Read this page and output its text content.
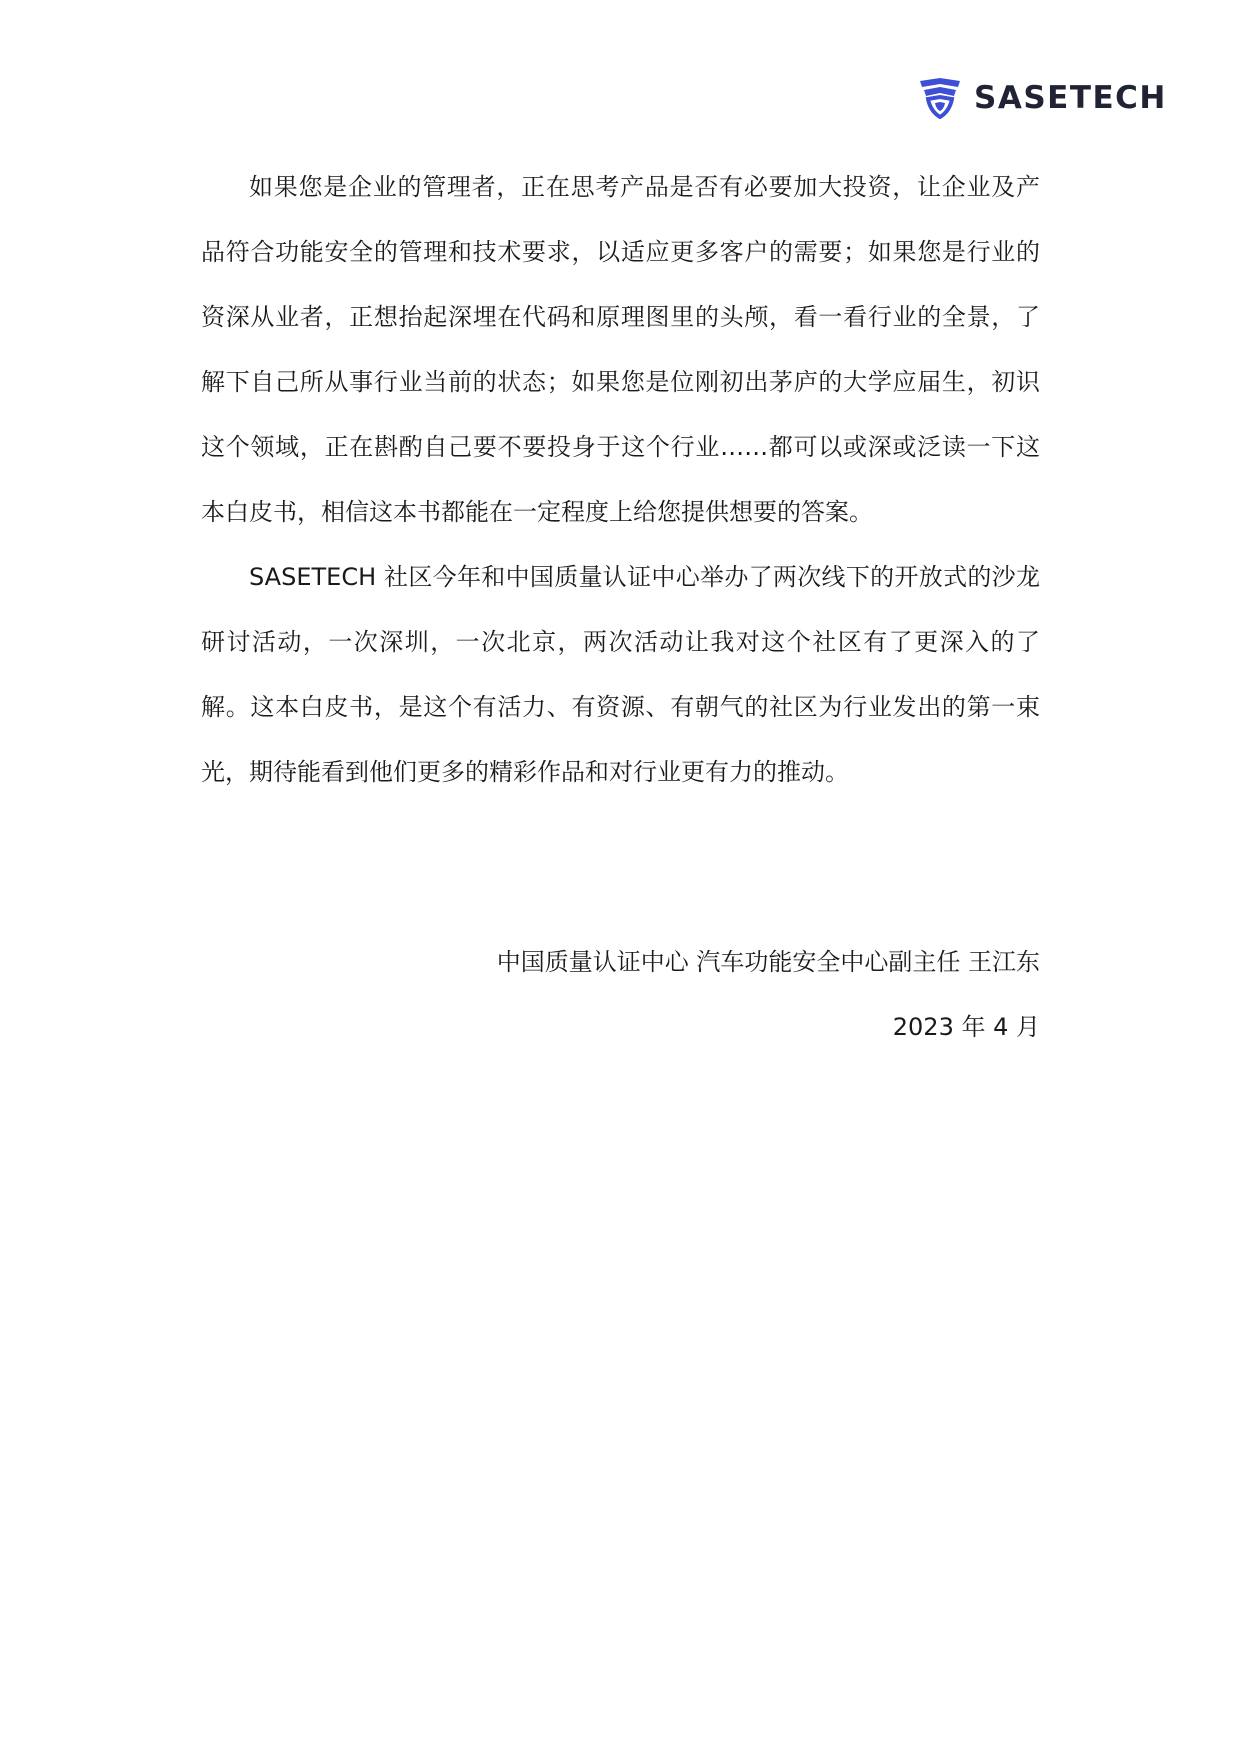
SASETECH

如果您是企业的管理者，正在思考产品是否有必要加大投资，让企业及产品符合功能安全的管理和技术要求，以适应更多客户的需要；如果您是行业的资深从业者，正想抬起深埋在代码和原理图里的头颅，看一看行业的全景，了解下自己所从事行业当前的状态；如果您是位刚初出茅庐的大学应届生，初识这个领域，正在斟酌自己要不要投身于这个行业……都可以或深或泛读一下这本白皮书，相信这本书都能在一定程度上给您提供想要的答案。

SASETECH 社区今年和中国质量认证中心举办了两次线下的开放式的沙龙研讨活动，一次深圳，一次北京，两次活动让我对这个社区有了更深入的了解。这本白皮书，是这个有活力、有资源、有朝气的社区为行业发出的第一束光，期待能看到他们更多的精彩作品和对行业更有力的推动。

中国质量认证中心 汽车功能安全中心副主任 王江东
2023 年 4 月
